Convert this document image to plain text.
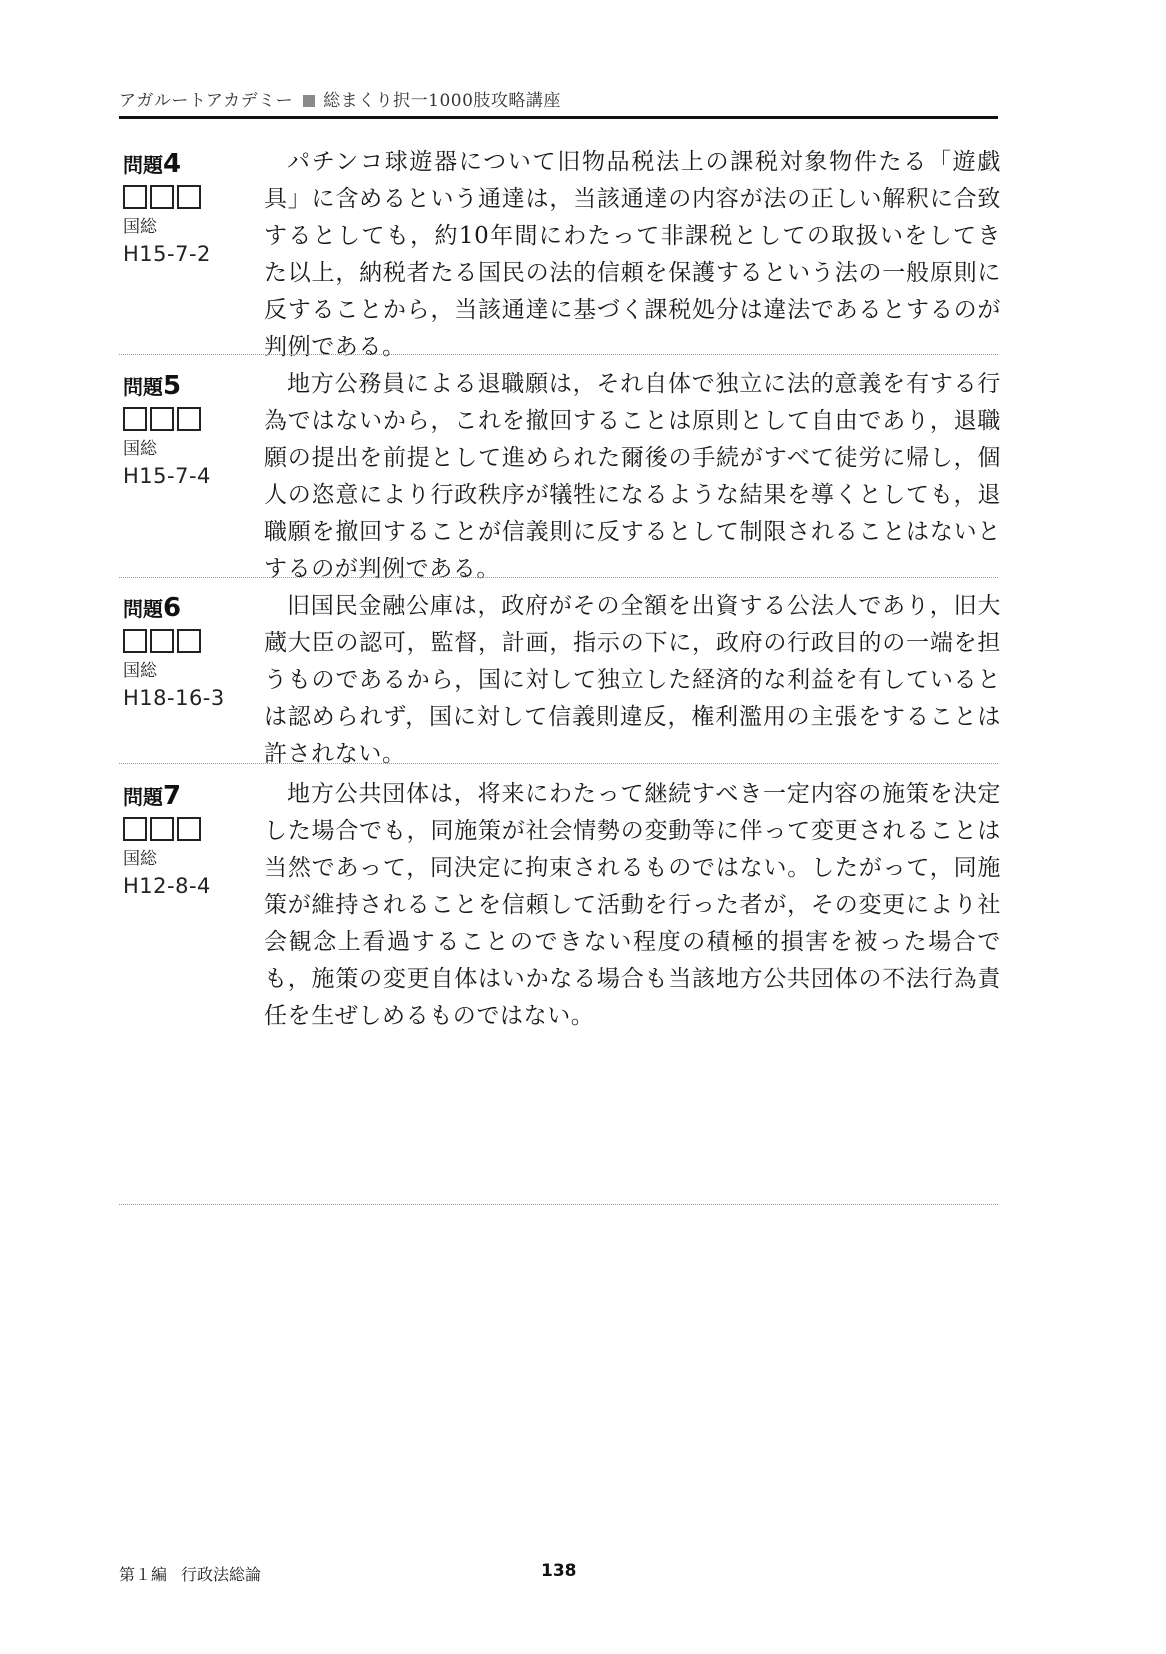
アガルートアカデミー 総まくり択一1000肢攻略講座
問題4
国総
H15-7-2

パチンコ球遊器について旧物品税法上の課税対象物件たる「遊戯具」に含めるという通達は，当該通達の内容が法の正しい解釈に合致するとしても，約10年間にわたって非課税としての取扱いをしてきた以上，納税者たる国民の法的信頼を保護するという法の一般原則に反することから，当該通達に基づく課税処分は違法であるとするのが判例である。

問題5
国総
H15-7-4

地方公務員による退職願は，それ自体で独立に法的意義を有する行為ではないから，これを撤回することは原則として自由であり，退職願の提出を前提として進められた爾後の手続がすべて徒労に帰し，個人の恣意により行政秩序が犠牲になるような結果を導くとしても，退職願を撤回することが信義則に反するとして制限されることはないとするのが判例である。

問題6
国総
H18-16-3

旧国民金融公庫は，政府がその全額を出資する公法人であり，旧大蔵大臣の認可，監督，計画，指示の下に，政府の行政目的の一端を担うものであるから，国に対して独立した経済的な利益を有しているとは認められず，国に対して信義則違反，権利濫用の主張をすることは許されない。

問題7
国総
H12-8-4

地方公共団体は，将来にわたって継続すべき一定内容の施策を決定した場合でも，同施策が社会情勢の変動等に伴って変更されることは当然であって，同決定に拘束されるものではない。したがって，同施策が維持されることを信頼して活動を行った者が，その変更により社会観念上看過することのできない程度の積極的損害を被った場合でも，施策の変更自体はいかなる場合も当該地方公共団体の不法行為責任を生ぜしめるものではない。

第１編 行政法総論	138
